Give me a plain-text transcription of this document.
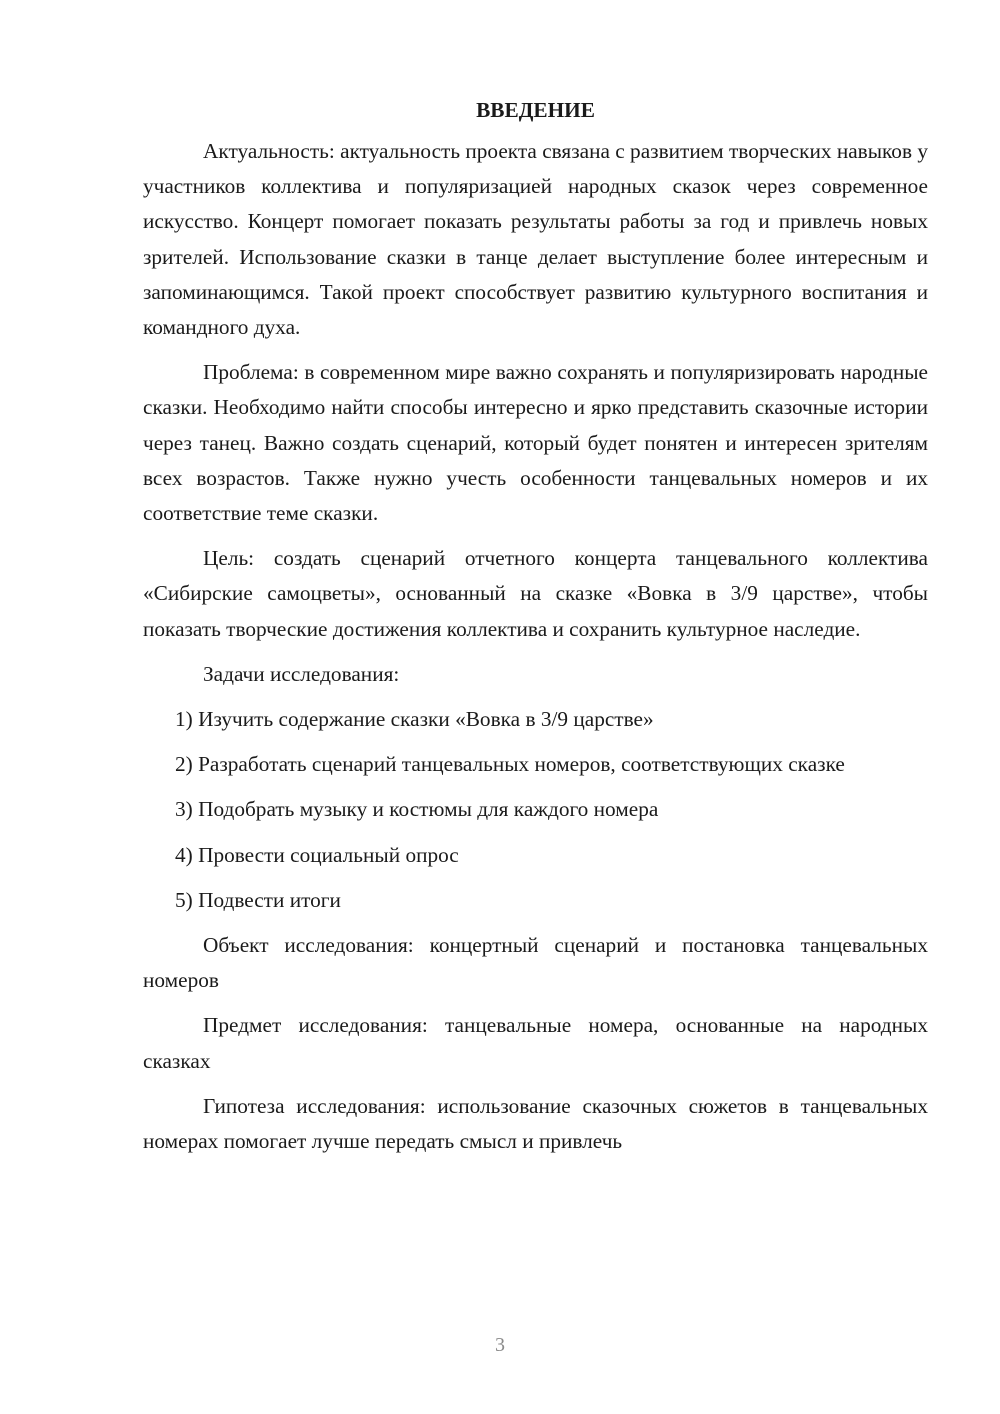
ВВЕДЕНИЕ

Актуальность: актуальность проекта связана с развитием творческих навыков у участников коллектива и популяризацией народных сказок через современное искусство. Концерт помогает показать результаты работы за год и привлечь новых зрителей. Использование сказки в танце делает выступление более интересным и запоминающимся. Такой проект способствует развитию культурного воспитания и командного духа.

Проблема: в современном мире важно сохранять и популяризировать народные сказки. Необходимо найти способы интересно и ярко представить сказочные истории через танец. Важно создать сценарий, который будет понятен и интересен зрителям всех возрастов. Также нужно учесть особенности танцевальных номеров и их соответствие теме сказки.

Цель: создать сценарий отчетного концерта танцевального коллектива «Сибирские самоцветы», основанный на сказке «Вовка в 3/9 царстве», чтобы показать творческие достижения коллектива и сохранить культурное наследие.

Задачи исследования:

1) Изучить содержание сказки «Вовка в 3/9 царстве»

2) Разработать сценарий танцевальных номеров, соответствующих сказке

3) Подобрать музыку и костюмы для каждого номера

4) Провести социальный опрос

5) Подвести итоги

Объект исследования: концертный сценарий и постановка танцевальных номеров

Предмет исследования: танцевальные номера, основанные на народных сказках

Гипотеза исследования: использование сказочных сюжетов в танцевальных номерах помогает лучше передать смысл и привлечь

3
